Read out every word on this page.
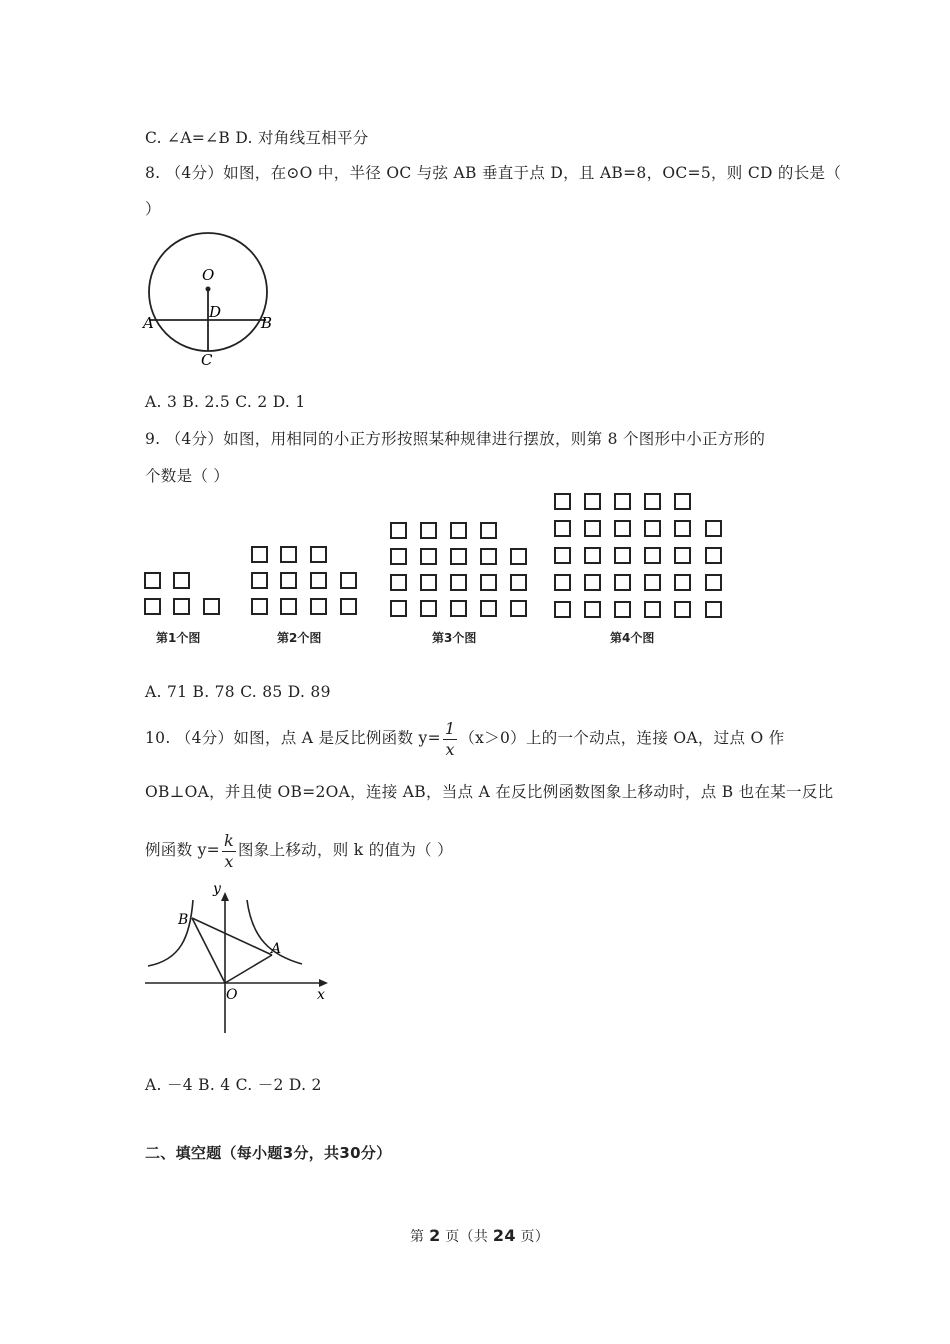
C. ∠A=∠B D. 对角线互相平分
8. （4分）如图，在⊙O 中，半径 OC 与弦 AB 垂直于点 D，且 AB=8，OC=5，则 CD 的长是（
）
O
D
A	B
C
A. 3 B. 2.5 C. 2 D. 1
9. （4分）如图，用相同的小正方形按照某种规律进行摆放，则第 8 个图形中小正方形的
个数是（ ）
第1个图	第2个图	第3个图	第4个图
A. 71 B. 78 C. 85 D. 89
10. （4分）如图，点 A 是反比例函数 $y= \frac{1}{x} (x>0)$上的一个动点，连接 OA，过点 O 作
OB⊥OA，并且使 OB=2OA，连接 AB，当点 A 在反比例函数图象上移动时，点 B 也在某一反比
例函数 $y= \frac{k}{x}$ 图象上移动，则 k 的值为（ ）
y
x
O
A
B
A. －4 B. 4 C. －2 D. 2
二、填空题（每小题3分，共30分）
第 2 页（共 24 页）
